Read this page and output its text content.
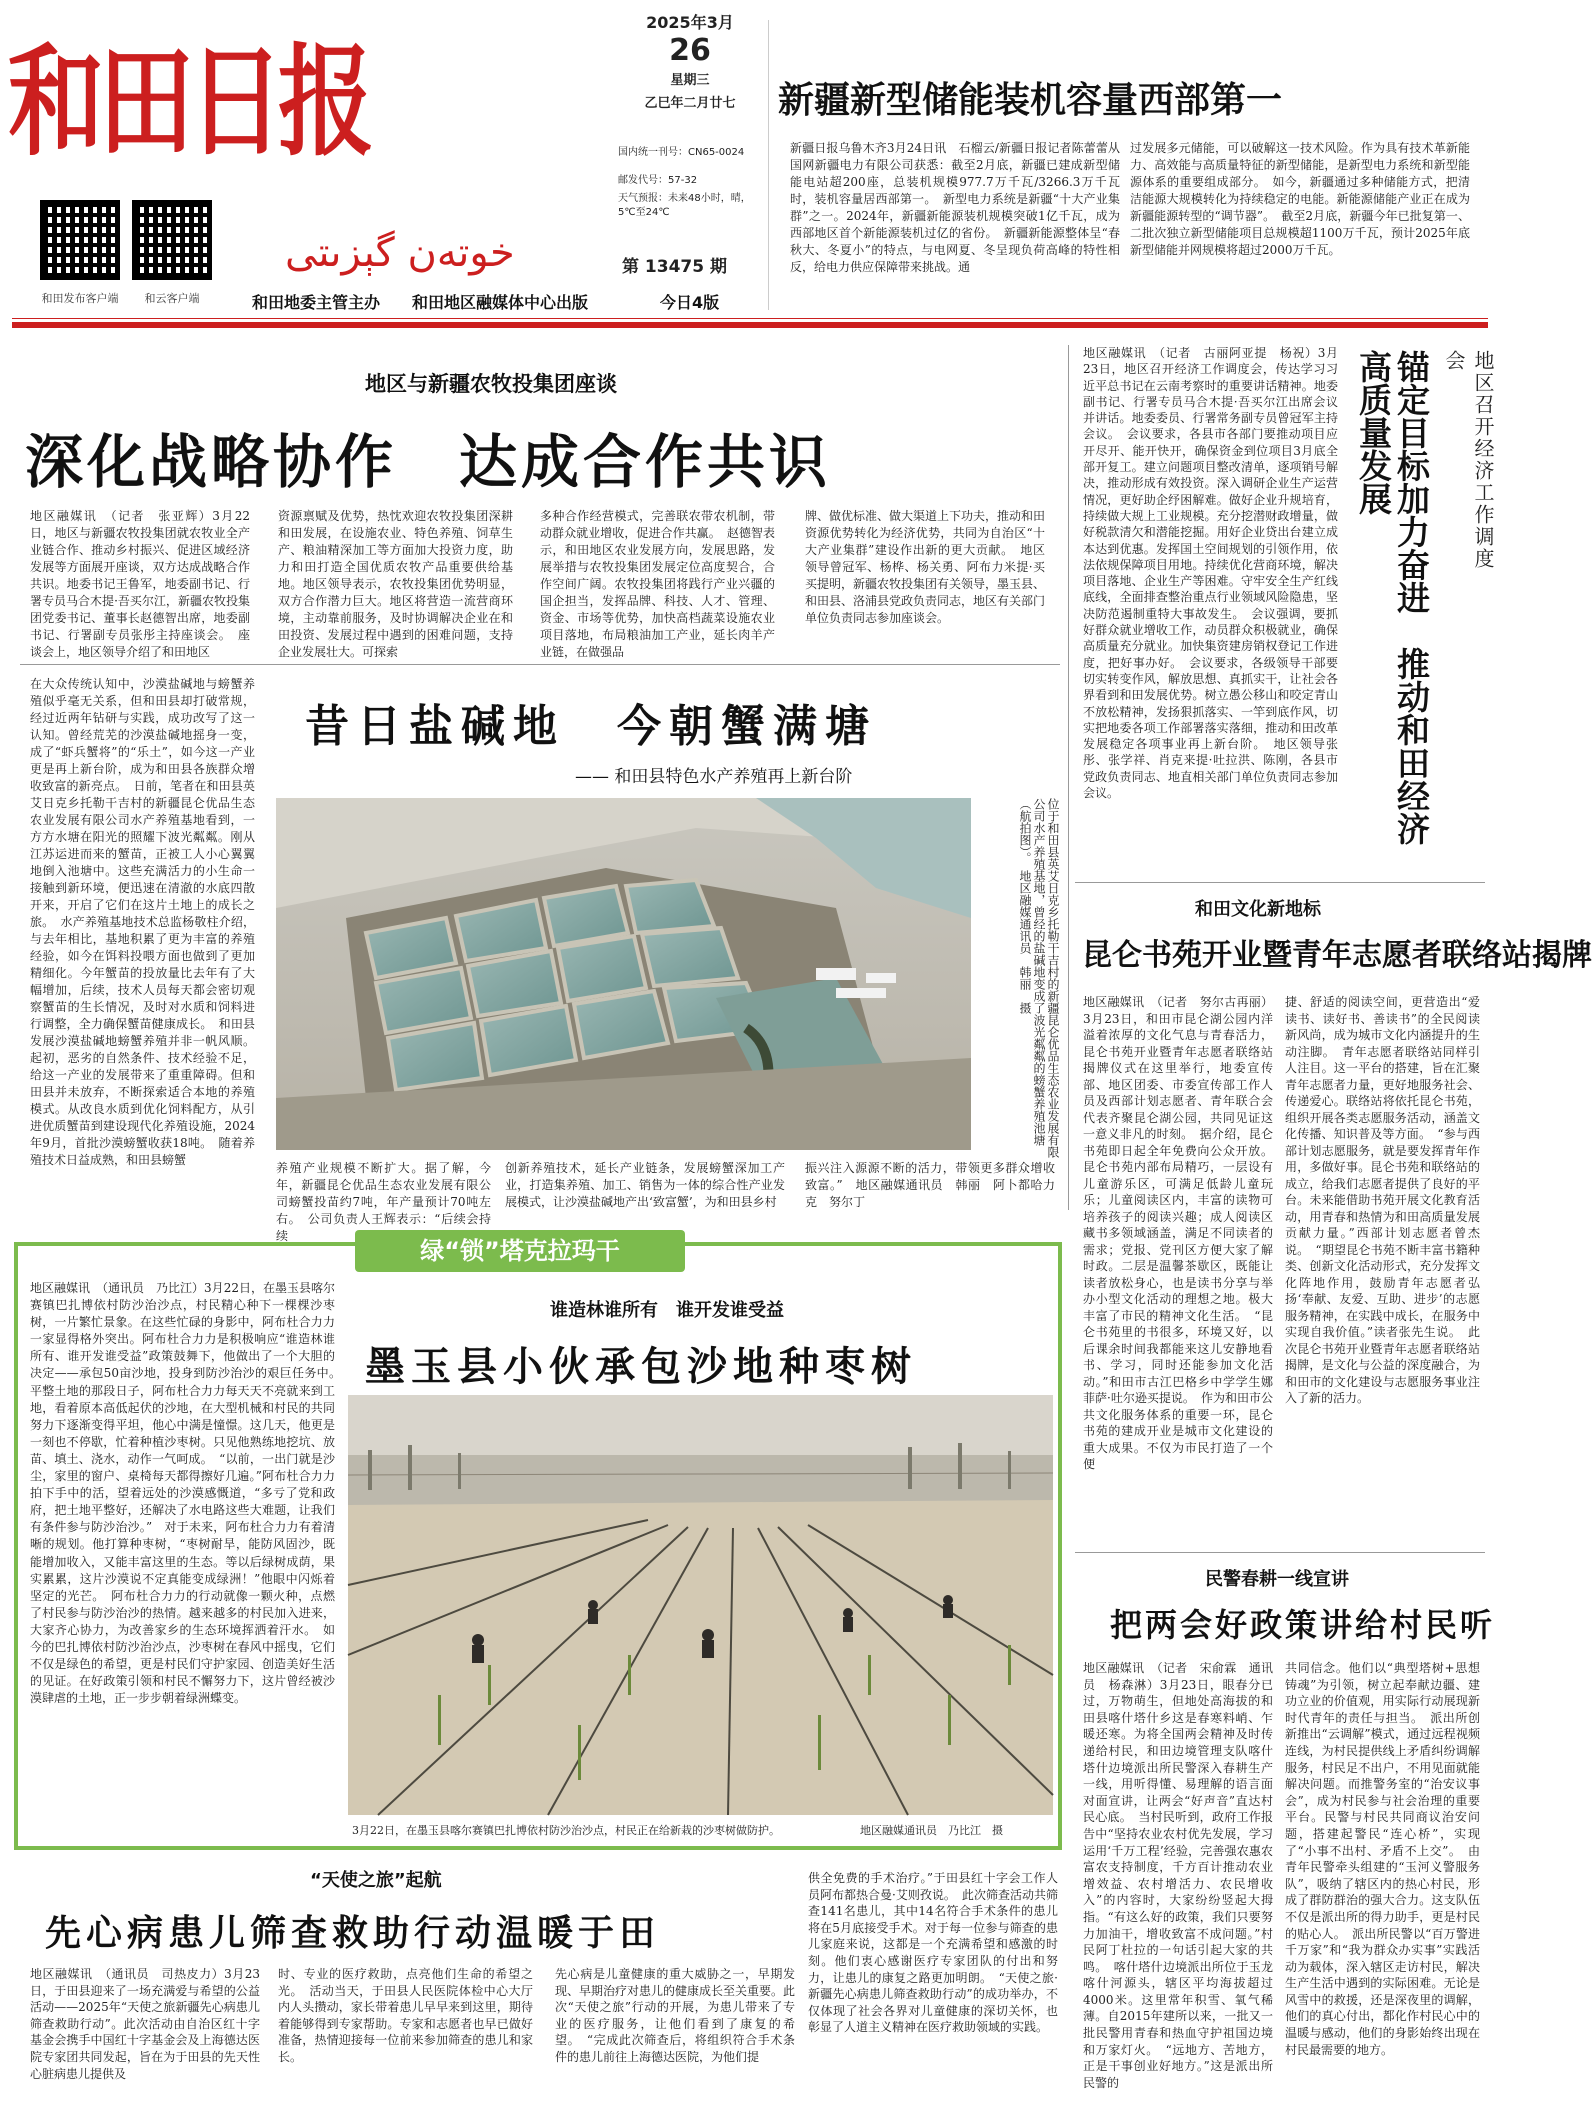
和田日报
خوتەن گېزىتى
和田发布客户端	和云客户端	和田地委主管主办 和田地区融媒体中心出版	今日4版
2025年3月
26
星期三
乙巳年二月廿七
国内统一刊号：CN65-0024
邮发代号：57-32
天气预报：未来48小时，晴，5℃至24℃
第 13475 期
新疆新型储能装机容量西部第一
新疆日报乌鲁木齐3月24日讯　石榴云/新疆日报记者陈蕾蕾从国网新疆电力有限公司获悉：截至2月底，新疆已建成新型储能电站超200座，总装机规模977.7万千瓦/3266.3万千瓦时，装机容量居西部第一。　新型电力系统是新疆“十大产业集群”之一。2024年，新疆新能源装机规模突破1亿千瓦，成为西部地区首个新能源装机过亿的省份。　新疆新能源整体呈“春秋大、冬夏小”的特点，与电网夏、冬呈现负荷高峰的特性相反，给电力供应保障带来挑战。通
过发展多元储能，可以破解这一技术风险。作为具有技术革新能力、高效能与高质量特征的新型储能，是新型电力系统和新型能源体系的重要组成部分。　如今，新疆通过多种储能方式，把清洁能源大规模转化为持续稳定的电能。新能源储能产业正在成为新疆能源转型的“调节器”。　截至2月底，新疆今年已批复第一、二批次独立新型储能项目总规模超1100万千瓦，预计2025年底新型储能并网规模将超过2000万千瓦。
地区与新疆农牧投集团座谈
深化战略协作　达成合作共识
地区融媒讯　（记者　张亚辉）3月22日，地区与新疆农牧投集团就农牧业全产业链合作、推动乡村振兴、促进区域经济发展等方面展开座谈，双方达成战略合作共识。地委书记王鲁军，地委副书记、行署专员马合木提·吾买尔江，新疆农牧投集团党委书记、董事长赵德智出席，地委副书记、行署副专员张彤主持座谈会。　座谈会上，地区领导介绍了和田地区
资源禀赋及优势，热忱欢迎农牧投集团深耕和田发展，在设施农业、特色养殖、饲草生产、粮油精深加工等方面加大投资力度，助力和田打造全国优质农牧产品重要供给基地。地区领导表示，农牧投集团优势明显，双方合作潜力巨大。地区将营造一流营商环境，主动靠前服务，及时协调解决企业在和田投资、发展过程中遇到的困难问题，支持企业发展壮大。可探索
多种合作经营模式，完善联农带农机制，带动群众就业增收，促进合作共赢。　赵德智表示，和田地区农业发展方向，发展思路，发展举措与农牧投集团发展定位高度契合，合作空间广阔。农牧投集团将践行产业兴疆的国企担当，发挥品牌、科技、人才、管理、资金、市场等优势，加快高档蔬菜设施农业项目落地，布局粮油加工产业，延长肉羊产业链，在做强品
牌、做优标准、做大渠道上下功夫，推动和田资源优势转化为经济优势，共同为自治区“十大产业集群”建设作出新的更大贡献。　地区领导曾冠军、杨桦、杨关勇、阿布力米提·买买提明，新疆农牧投集团有关领导，墨玉县、和田县、洛浦县党政负责同志，地区有关部门单位负责同志参加座谈会。
在大众传统认知中，沙漠盐碱地与螃蟹养殖似乎毫无关系，但和田县却打破常规，经过近两年钻研与实践，成功改写了这一认知。曾经荒芜的沙漠盐碱地摇身一变，成了“虾兵蟹将”的“乐土”，如今这一产业更是再上新台阶，成为和田县各族群众增收致富的新亮点。　日前，笔者在和田县英艾日克乡托勒干吉村的新疆昆仑优品生态农业发展有限公司水产养殖基地看到，一方方水塘在阳光的照耀下波光粼粼。刚从江苏运进而来的蟹苗，正被工人小心翼翼地倒入池塘中。这些充满活力的小生命一接触到新环境，便迅速在清澈的水底四散开来，开启了它们在这片土地上的成长之旅。　水产养殖基地技术总监杨敬柱介绍，与去年相比，基地积累了更为丰富的养殖经验，如今在饵料投喂方面也做到了更加精细化。今年蟹苗的投放量比去年有了大幅增加，后续，技术人员每天都会密切观察蟹苗的生长情况，及时对水质和饲料进行调整，全力确保蟹苗健康成长。　和田县发展沙漠盐碱地螃蟹养殖并非一帆风顺。起初，恶劣的自然条件、技术经验不足，给这一产业的发展带来了重重障碍。但和田县并未放弃，不断探索适合本地的养殖模式。从改良水质到优化饲料配方，从引进优质蟹苗到建设现代化养殖设施，2024年9月，首批沙漠螃蟹收获18吨。　随着养殖技术日益成熟，和田县螃蟹
昔日盐碱地　今朝蟹满塘
—— 和田县特色水产养殖再上新台阶
位于和田县英艾日克乡托勒干吉村的新疆昆仑优品生态农业发展有限公司水产养殖基地，曾经的盐碱地变成了波光粼粼的螃蟹养殖池塘（航拍图）。　地区融媒通讯员　韩丽　摄
养殖产业规模不断扩大。据了解，今年，新疆昆仑优品生态农业发展有限公司螃蟹投苗约7吨，年产量预计70吨左右。　公司负责人王辉表示：“后续会持续
创新养殖技术，延长产业链条，发展螃蟹深加工产业，打造集养殖、加工、销售为一体的综合性产业发展模式，让沙漠盐碱地产出‘致富蟹’，为和田县乡村
振兴注入源源不断的活力，带领更多群众增收致富。”　地区融媒通讯员　韩丽　阿卜都哈力克　努尔丁
地区融媒讯　（记者　古丽阿亚提　杨祝）3月23日，地区召开经济工作调度会，传达学习习近平总书记在云南考察时的重要讲话精神。地委副书记、行署专员马合木提·吾买尔江出席会议并讲话。地委委员、行署常务副专员曾冠军主持会议。　会议要求，各县市各部门要推动项目应开尽开、能开快开，确保资金到位项目3月底全部开复工。建立问题项目整改清单，逐项销号解决，推动形成有效投资。深入调研企业生产运营情况，更好助企纾困解难。做好企业升规培育，持续做大规上工业规模。充分挖潜财政增量，做好税款清欠和潜能挖掘。用好企业贷出台建立成本达到优惠。发挥国土空间规划的引领作用，依法依规保障项目用地。持续优化营商环境，解决项目落地、企业生产等困难。守牢安全生产红线底线，全面排查整治重点行业领域风险隐患，坚决防范遏制重特大事故发生。　会议强调，要抓好群众就业增收工作，动员群众积极就业，确保高质量充分就业。加快集资建房销权登记工作进度，把好事办好。　会议要求，各级领导干部要切实转变作风，解放思想、真抓实干，让社会各界看到和田发展优势。树立愚公移山和咬定青山不放松精神，发扬狠抓落实、一竿到底作风，切实把地委各项工作部署落实落细，推动和田改革发展稳定各项事业再上新台阶。　地区领导张彤、张学祥、肖克来提·吐拉洪、陈刚，各县市党政负责同志、地直相关部门单位负责同志参加会议。
地区召开经济工作调度会
锚定目标加力奋进　推动和田经济高质量发展
和田文化新地标
昆仑书苑开业暨青年志愿者联络站揭牌
地区融媒讯　（记者　努尔古再丽）3月23日，和田市昆仑湖公园内洋溢着浓厚的文化气息与青春活力，昆仑书苑开业暨青年志愿者联络站揭牌仪式在这里举行，地委宣传部、地区团委、市委宣传部工作人员及西部计划志愿者、青年联合会代表齐聚昆仑湖公园，共同见证这一意义非凡的时刻。　据介绍，昆仑书苑即日起全年免费向公众开放。昆仑书苑内部布局精巧，一层设有儿童游乐区，可满足低龄儿童玩乐；儿童阅读区内，丰富的读物可培养孩子的阅读兴趣；成人阅读区藏书多领域涵盖，满足不同读者的需求；党报、党刊区方便大家了解时政。二层是温馨茶歇区，既能让读者放松身心，也是读书分享与举办小型文化活动的理想之地。极大丰富了市民的精神文化生活。　“昆仑书苑里的书很多，环境又好，以后课余时间我都能来这儿安静地看书、学习，同时还能参加文化活动。”和田市古江巴格乡中学学生娜菲萨·吐尔逊买提说。　作为和田市公共文化服务体系的重要一环，昆仑书苑的建成开业是城市文化建设的重大成果。不仅为市民打造了一个便
捷、舒适的阅读空间，更营造出“爱读书、读好书、善读书”的全民阅读新风尚，成为城市文化内涵提升的生动注脚。　青年志愿者联络站同样引人注目。这一平台的搭建，旨在汇聚青年志愿者力量，更好地服务社会、传递爱心。联络站将依托昆仑书苑，组织开展各类志愿服务活动，涵盖文化传播、知识普及等方面。　“参与西部计划志愿服务，就是要发挥青年作用，多做好事。昆仑书苑和联络站的成立，给我们志愿者提供了良好的平台。未来能借助书苑开展文化教育活动，用青春和热情为和田高质量发展贡献力量。”西部计划志愿者曾杰说。　“期望昆仑书苑不断丰富书籍种类、创新文化活动形式，充分发挥文化阵地作用，鼓励青年志愿者弘扬‘奉献、友爱、互助、进步’的志愿服务精神，在实践中成长，在服务中实现自我价值。”读者张先生说。　此次昆仑书苑开业暨青年志愿者联络站揭牌，是文化与公益的深度融合，为和田市的文化建设与志愿服务事业注入了新的活力。
绿“锁”塔克拉玛干
地区融媒讯　（通讯员　乃比江）3月22日，在墨玉县喀尔赛镇巴扎博依村防沙治沙点，村民精心种下一棵棵沙枣树，一片繁忙景象。在这些忙碌的身影中，阿布杜合力力一家显得格外突出。阿布杜合力力是积极响应“谁造林谁所有、谁开发谁受益”政策鼓舞下，他做出了一个大胆的决定——承包50亩沙地，投身到防沙治沙的艰巨任务中。　平整土地的那段日子，阿布杜合力力每天天不亮就来到工地，看着原本高低起伏的沙地，在大型机械和村民的共同努力下逐渐变得平坦，他心中满是憧憬。这几天，他更是一刻也不停歇，忙着种植沙枣树。只见他熟练地挖坑、放苗、填土、浇水，动作一气呵成。　“以前，一出门就是沙尘，家里的窗户、桌椅每天都得擦好几遍。”阿布杜合力力拍下手中的活，望着远处的沙漠感慨道，“多亏了党和政府，把土地平整好，还解决了水电路这些大难题，让我们有条件参与防沙治沙。”　对于未来，阿布杜合力力有着清晰的规划。他打算种枣树，“枣树耐旱，能防风固沙，既能增加收入，又能丰富这里的生态。等以后绿树成荫，果实累累，这片沙漠说不定真能变成绿洲！”他眼中闪烁着坚定的光芒。　阿布杜合力力的行动就像一颗火种，点燃了村民参与防沙治沙的热情。越来越多的村民加入进来，大家齐心协力，为改善家乡的生态环境挥洒着汗水。　如今的巴扎博依村防沙治沙点，沙枣树在春风中摇曳，它们不仅是绿色的希望，更是村民们守护家园、创造美好生活的见证。在好政策引领和村民不懈努力下，这片曾经被沙漠肆虐的土地，正一步步朝着绿洲蝶变。
谁造林谁所有　谁开发谁受益
墨玉县小伙承包沙地种枣树
3月22日，在墨玉县喀尔赛镇巴扎博依村防沙治沙点，村民正在给新栽的沙枣树做防护。	地区融媒通讯员　乃比江　摄
民警春耕一线宣讲
把两会好政策讲给村民听
地区融媒讯　（记者　宋俞霖　通讯员　杨森淋）3月23日，眼春分已过，万物萌生，但地处高海拔的和田县喀什塔什乡这是春寒料峭、乍暖还寒。为将全国两会精神及时传递给村民，和田边境管理支队喀什塔什边境派出所民警深入春耕生产一线，用听得懂、易理解的语言面对面宣讲，让两会“好声音”直达村民心底。　当村民听到，政府工作报告中“坚持农业农村优先发展，学习运用‘千万工程’经验，完善强农惠农富农支持制度，千方百计推动农业增效益、农村增活力、农民增收入”的内容时，大家纷纷竖起大拇指。“有这么好的政策，我们只要努力加油干，增收致富不成问题。”村民阿丁杜拉的一句话引起大家的共鸣。　喀什塔什边境派出所位于玉龙喀什河源头，辖区平均海拔超过4000米。这里常年积雪、氧气稀薄。自2015年建所以来，一批又一批民警用青春和热血守护祖国边境和万家灯火。　“远地方、苦地方，正是干事创业好地方。”这是派出所民警的
共同信念。他们以“典型塔树+思想铸魂”为引领，树立起奉献边疆、建功立业的价值观，用实际行动展现新时代青年的责任与担当。　派出所创新推出“云调解”模式，通过远程视频连线，为村民提供线上矛盾纠纷调解服务，村民足不出户，不用见面就能解决问题。而推警务室的“治安议事会”，成为村民参与社会治理的重要平台。民警与村民共同商议治安问题，搭建起警民“连心桥”，实现了“小事不出村、矛盾不上交”。　由青年民警牵头组建的“玉河义警服务队”，吸纳了辖区内的热心村民，形成了群防群治的强大合力。这支队伍不仅是派出所的得力助手，更是村民的贴心人。　派出所民警以“百万警进千万家”和“我为群众办实事”实践活动为载体，深入辖区走访村民，解决生产生活中遇到的实际困难。无论是风雪中的救援，还是深夜里的调解，他们的真心付出，都化作村民心中的温暖与感动，他们的身影始终出现在村民最需要的地方。
“天使之旅”起航
先心病患儿筛查救助行动温暖于田
地区融媒讯　（通讯员　司热皮力）3月23日，于田县迎来了一场充满爱与希望的公益活动——2025年“天使之旅新疆先心病患儿筛查救助行动”。此次活动由自治区红十字基金会携手中国红十字基金会及上海德达医院专家团共同发起，旨在为于田县的先天性心脏病患儿提供及
时、专业的医疗救助，点亮他们生命的希望之光。　活动当天，于田县人民医院体检中心大厅内人头攒动，家长带着患儿早早来到这里，期待着能够得到专家帮助。专家和志愿者也早已做好准备，热情迎接每一位前来参加筛查的患儿和家长。
先心病是儿童健康的重大威胁之一，早期发现、早期治疗对患儿的健康成长至关重要。此次“天使之旅”行动的开展，为患儿带来了专业的医疗服务，让他们看到了康复的希望。　“完成此次筛查后，将组织符合手术条件的患儿前往上海德达医院，为他们提
供全免费的手术治疗。”于田县红十字会工作人员阿布都热合曼·艾则孜说。　此次筛查活动共筛查141名患儿，其中14名符合手术条件的患儿将在5月底接受手术。对于每一位参与筛查的患儿家庭来说，这都是一个充满希望和感激的时刻。他们衷心感谢医疗专家团队的付出和努力，让患儿的康复之路更加明朗。　“天使之旅·新疆先心病患儿筛查救助行动”的成功举办，不仅体现了社会各界对儿童健康的深切关怀，也彰显了人道主义精神在医疗救助领域的实践。
